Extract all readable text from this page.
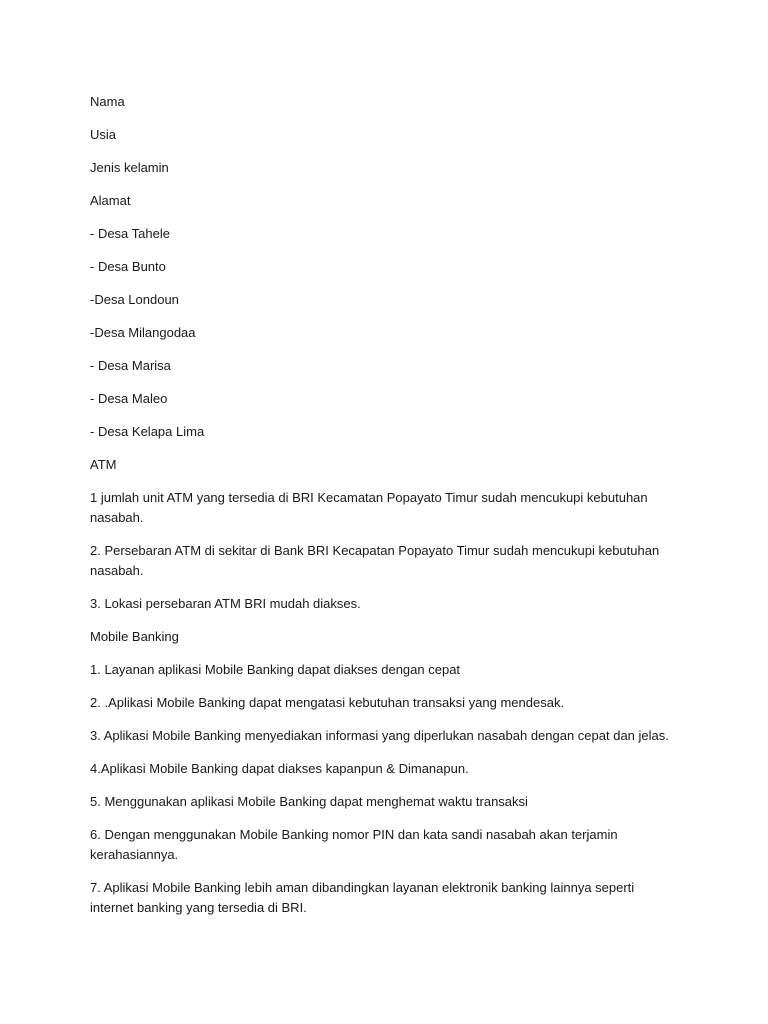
Nama

Usia

Jenis kelamin

Alamat

- Desa Tahele

- Desa Bunto

-Desa Londoun

-Desa Milangodaa

- Desa Marisa

- Desa Maleo

- Desa Kelapa Lima

ATM

1 jumlah unit ATM yang tersedia di BRI Kecamatan Popayato Timur sudah mencukupi kebutuhan nasabah.

2. Persebaran ATM di sekitar di Bank BRI Kecapatan Popayato Timur sudah mencukupi kebutuhan nasabah.

3. Lokasi persebaran ATM BRI mudah diakses.

Mobile Banking

1. Layanan aplikasi Mobile Banking dapat diakses dengan cepat

2. .Aplikasi Mobile Banking dapat mengatasi kebutuhan transaksi yang mendesak.

3. Aplikasi Mobile Banking menyediakan informasi yang diperlukan nasabah dengan cepat dan jelas.

4.Aplikasi Mobile Banking dapat diakses kapanpun & Dimanapun.

5. Menggunakan aplikasi Mobile Banking dapat menghemat waktu transaksi

6. Dengan menggunakan Mobile Banking nomor PIN dan kata sandi nasabah akan terjamin kerahasiannya.

7. Aplikasi Mobile Banking lebih aman dibandingkan layanan elektronik banking lainnya seperti internet banking yang tersedia di BRI.
